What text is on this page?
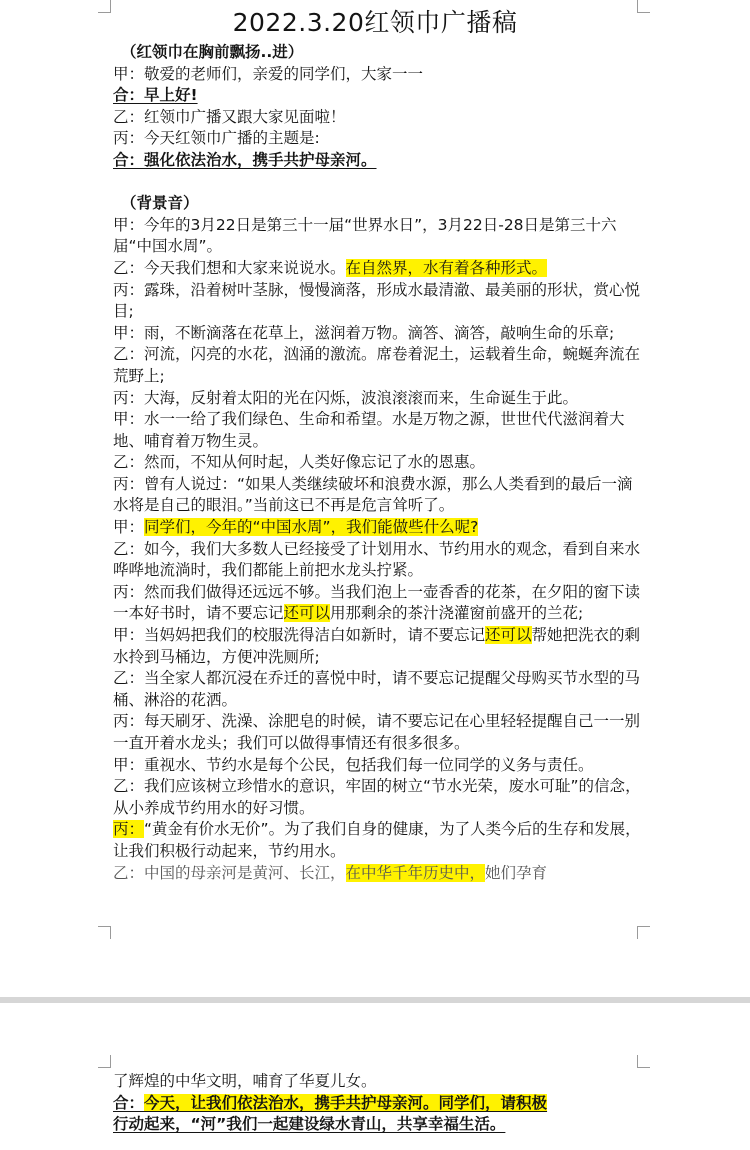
2022.3.20红领巾广播稿

（红领巾在胸前飘扬..进）

甲：敬爱的老师们，亲爱的同学们，大家一一

合：早上好!

乙：红领巾广播又跟大家见面啦！

丙：今天红领巾广播的主题是:

合：强化依法治水，携手共护母亲河。

（背景音）

甲：今年的3月22日是第三十一届“世界水日”，3月22日-28日是第三十六届“中国水周”。

乙：今天我们想和大家来说说水。在自然界，水有着各种形式。

丙：露珠，沿着树叶茎脉，慢慢滴落，形成水最清澈、最美丽的形状，赏心悦目;

甲：雨，不断滴落在花草上，滋润着万物。滴答、滴答，敲响生命的乐章;

乙：河流，闪亮的水花，汹涌的激流。席卷着泥土，运载着生命，蜿蜒奔流在荒野上;

丙：大海，反射着太阳的光在闪烁，波浪滚滚而来，生命诞生于此。

甲：水一一给了我们绿色、生命和希望。水是万物之源，世世代代滋润着大地、哺育着万物生灵。

乙：然而，不知从何时起，人类好像忘记了水的恩惠。

丙：曾有人说过：“如果人类继续破坏和浪费水源，那么人类看到的最后一滴水将是自己的眼泪。”当前这已不再是危言耸听了。

甲：同学们，今年的“中国水周”，我们能做些什么呢?

乙：如今，我们大多数人已经接受了计划用水、节约用水的观念，看到自来水哗哗地流淌时，我们都能上前把水龙头拧紧。

丙：然而我们做得还远远不够。当我们泡上一壶香香的花茶，在夕阳的窗下读一本好书时，请不要忘记还可以用那剩余的茶汁浇灌窗前盛开的兰花;

甲：当妈妈把我们的校服洗得洁白如新时，请不要忘记还可以帮她把洗衣的剩水拎到马桶边，方便冲洗厕所;

乙：当全家人都沉浸在乔迁的喜悦中时，请不要忘记提醒父母购买节水型的马桶、淋浴的花洒。

丙：每天刷牙、洗澡、涂肥皂的时候，请不要忘记在心里轻轻提醒自己一一别一直开着水龙头；我们可以做得事情还有很多很多。

甲：重视水、节约水是每个公民，包括我们每一位同学的义务与责任。

乙：我们应该树立珍惜水的意识，牢固的树立“节水光荣，废水可耻”的信念，从小养成节约用水的好习惯。

丙：“黄金有价水无价”。为了我们自身的健康，为了人类今后的生存和发展，让我们积极行动起来，节约用水。

乙：中国的母亲河是黄河、长江，在中华千年历史中，她们孕育

了辉煌的中华文明，哺育了华夏儿女。

合：今天，让我们依法治水，携手共护母亲河。同学们，请积极

行动起来，“河”我们一起建设绿水青山，共享幸福生活。
